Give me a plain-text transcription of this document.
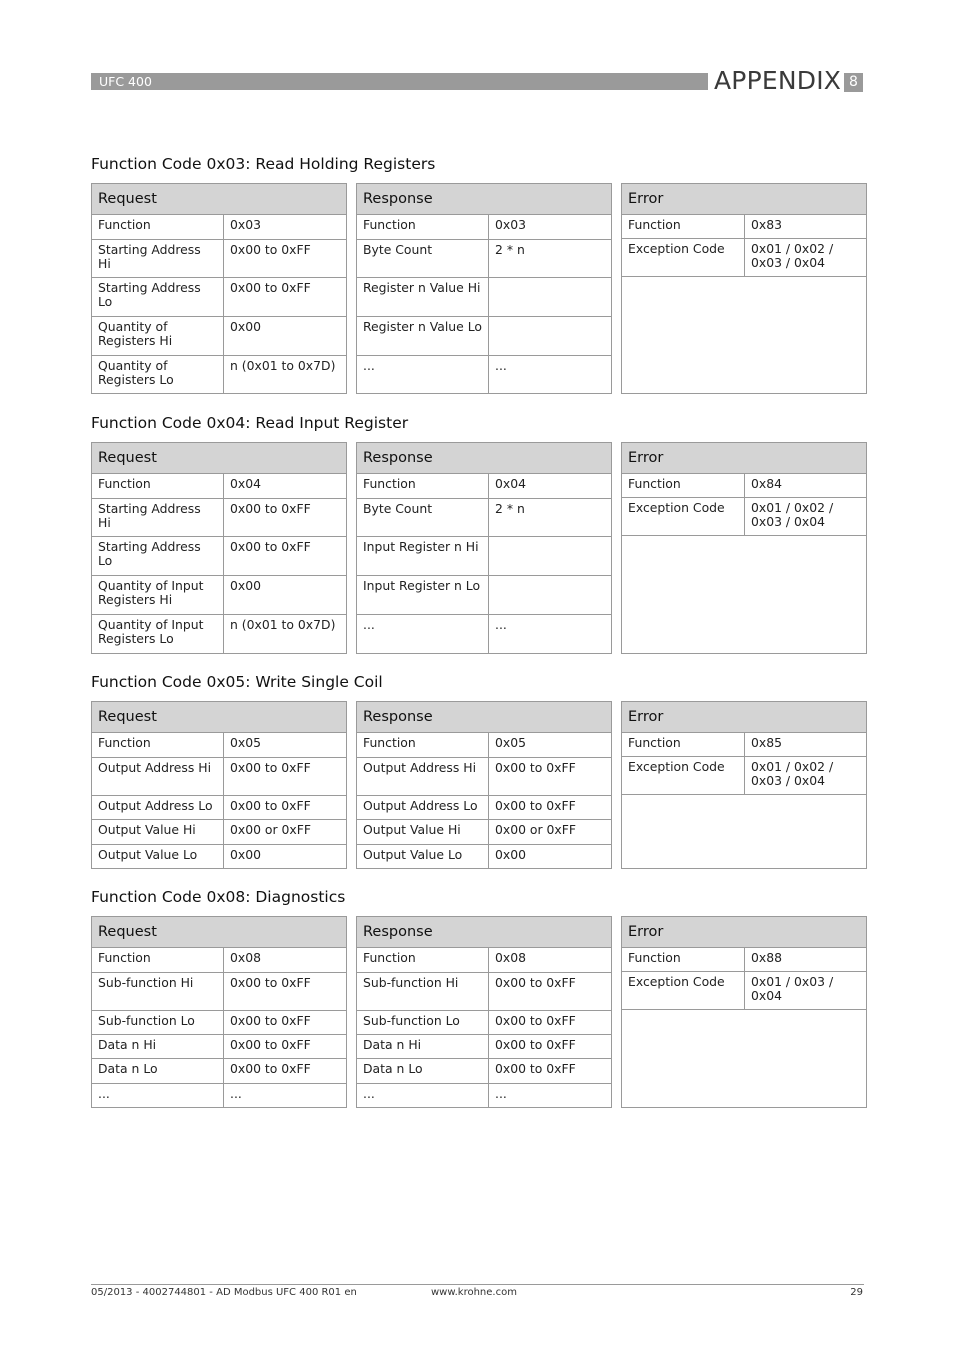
UFC 400	APPENDIX 8
Function Code 0x03: Read Holding Registers
Request	
Function	0x03
Starting Address Hi	0x00 to 0xFF
Starting Address Lo	0x00 to 0xFF
Quantity of Registers Hi	0x00
Quantity of Registers Lo	n (0x01 to 0x7D)
Response	
Function	0x03
Byte Count	2 * n
Register n Value Hi	
Register n Value Lo	
...	...
Error	
Function	0x83
Exception Code	0x01 / 0x02 / 0x03 / 0x04

Function Code 0x04: Read Input Register
Request	
Function	0x04
Starting Address Hi	0x00 to 0xFF
Starting Address Lo	0x00 to 0xFF
Quantity of Input Registers Hi	0x00
Quantity of Input Registers Lo	n (0x01 to 0x7D)
Response	
Function	0x04
Byte Count	2 * n
Input Register n Hi	
Input Register n Lo	
...	...
Error	
Function	0x84
Exception Code	0x01 / 0x02 / 0x03 / 0x04

Function Code 0x05: Write Single Coil
Request	
Function	0x05
Output Address Hi	0x00 to 0xFF
Output Address Lo	0x00 to 0xFF
Output Value Hi	0x00 or 0xFF
Output Value Lo	0x00
Response	
Function	0x05
Output Address Hi	0x00 to 0xFF
Output Address Lo	0x00 to 0xFF
Output Value Hi	0x00 or 0xFF
Output Value Lo	0x00
Error	
Function	0x85
Exception Code	0x01 / 0x02 / 0x03 / 0x04

Function Code 0x08: Diagnostics
Request	
Function	0x08
Sub-function Hi	0x00 to 0xFF
Sub-function Lo	0x00 to 0xFF
Data n Hi	0x00 to 0xFF
Data n Lo	0x00 to 0xFF
...	...
Response	
Function	0x08
Sub-function Hi	0x00 to 0xFF
Sub-function Lo	0x00 to 0xFF
Data n Hi	0x00 to 0xFF
Data n Lo	0x00 to 0xFF
...	...
Error	
Function	0x88
Exception Code	0x01 / 0x03 / 0x04

05/2013 - 4002744801 - AD Modbus UFC 400 R01 en	www.krohne.com	29
